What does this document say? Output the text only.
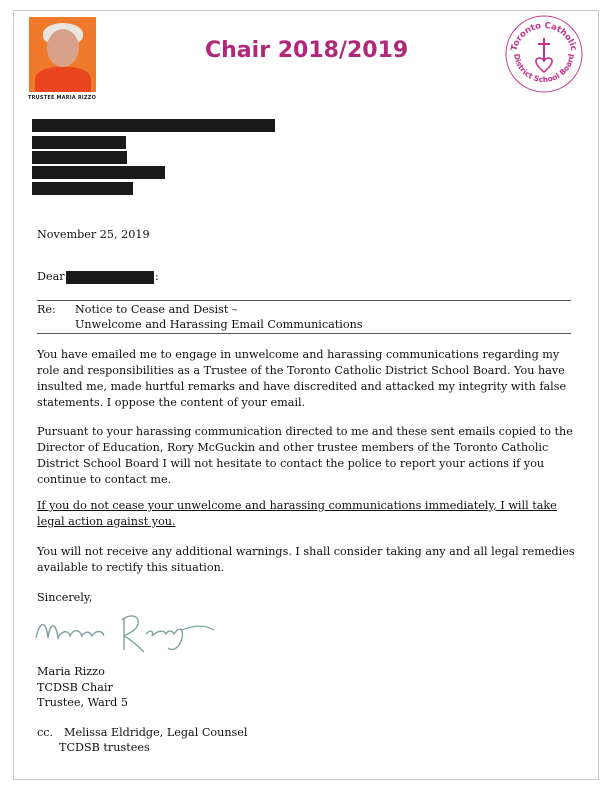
TRUSTEE MARIA RIZZO
Chair 2018/2019	Toronto Catholic
District School Board
November 25, 2019
Dear	:
Re: Notice to Cease and Desist –
Unwelcome and Harassing Email Communications
You have emailed me to engage in unwelcome and harassing communications regarding my role and responsibilities as a Trustee of the Toronto Catholic District School Board. You have insulted me, made hurtful remarks and have discredited and attacked my integrity with false statements. I oppose the content of your email.
Pursuant to your harassing communication directed to me and these sent emails copied to the Director of Education, Rory McGuckin and other trustee members of the Toronto Catholic District School Board I will not hesitate to contact the police to report your actions if you continue to contact me.
If you do not cease your unwelcome and harassing communications immediately, I will take legal action against you.
You will not receive any additional warnings. I shall consider taking any and all legal remedies available to rectify this situation.
Sincerely,
Maria Rizzo
TCDSB Chair
Trustee, Ward 5
cc. Melissa Eldridge, Legal Counsel
TCDSB trustees
